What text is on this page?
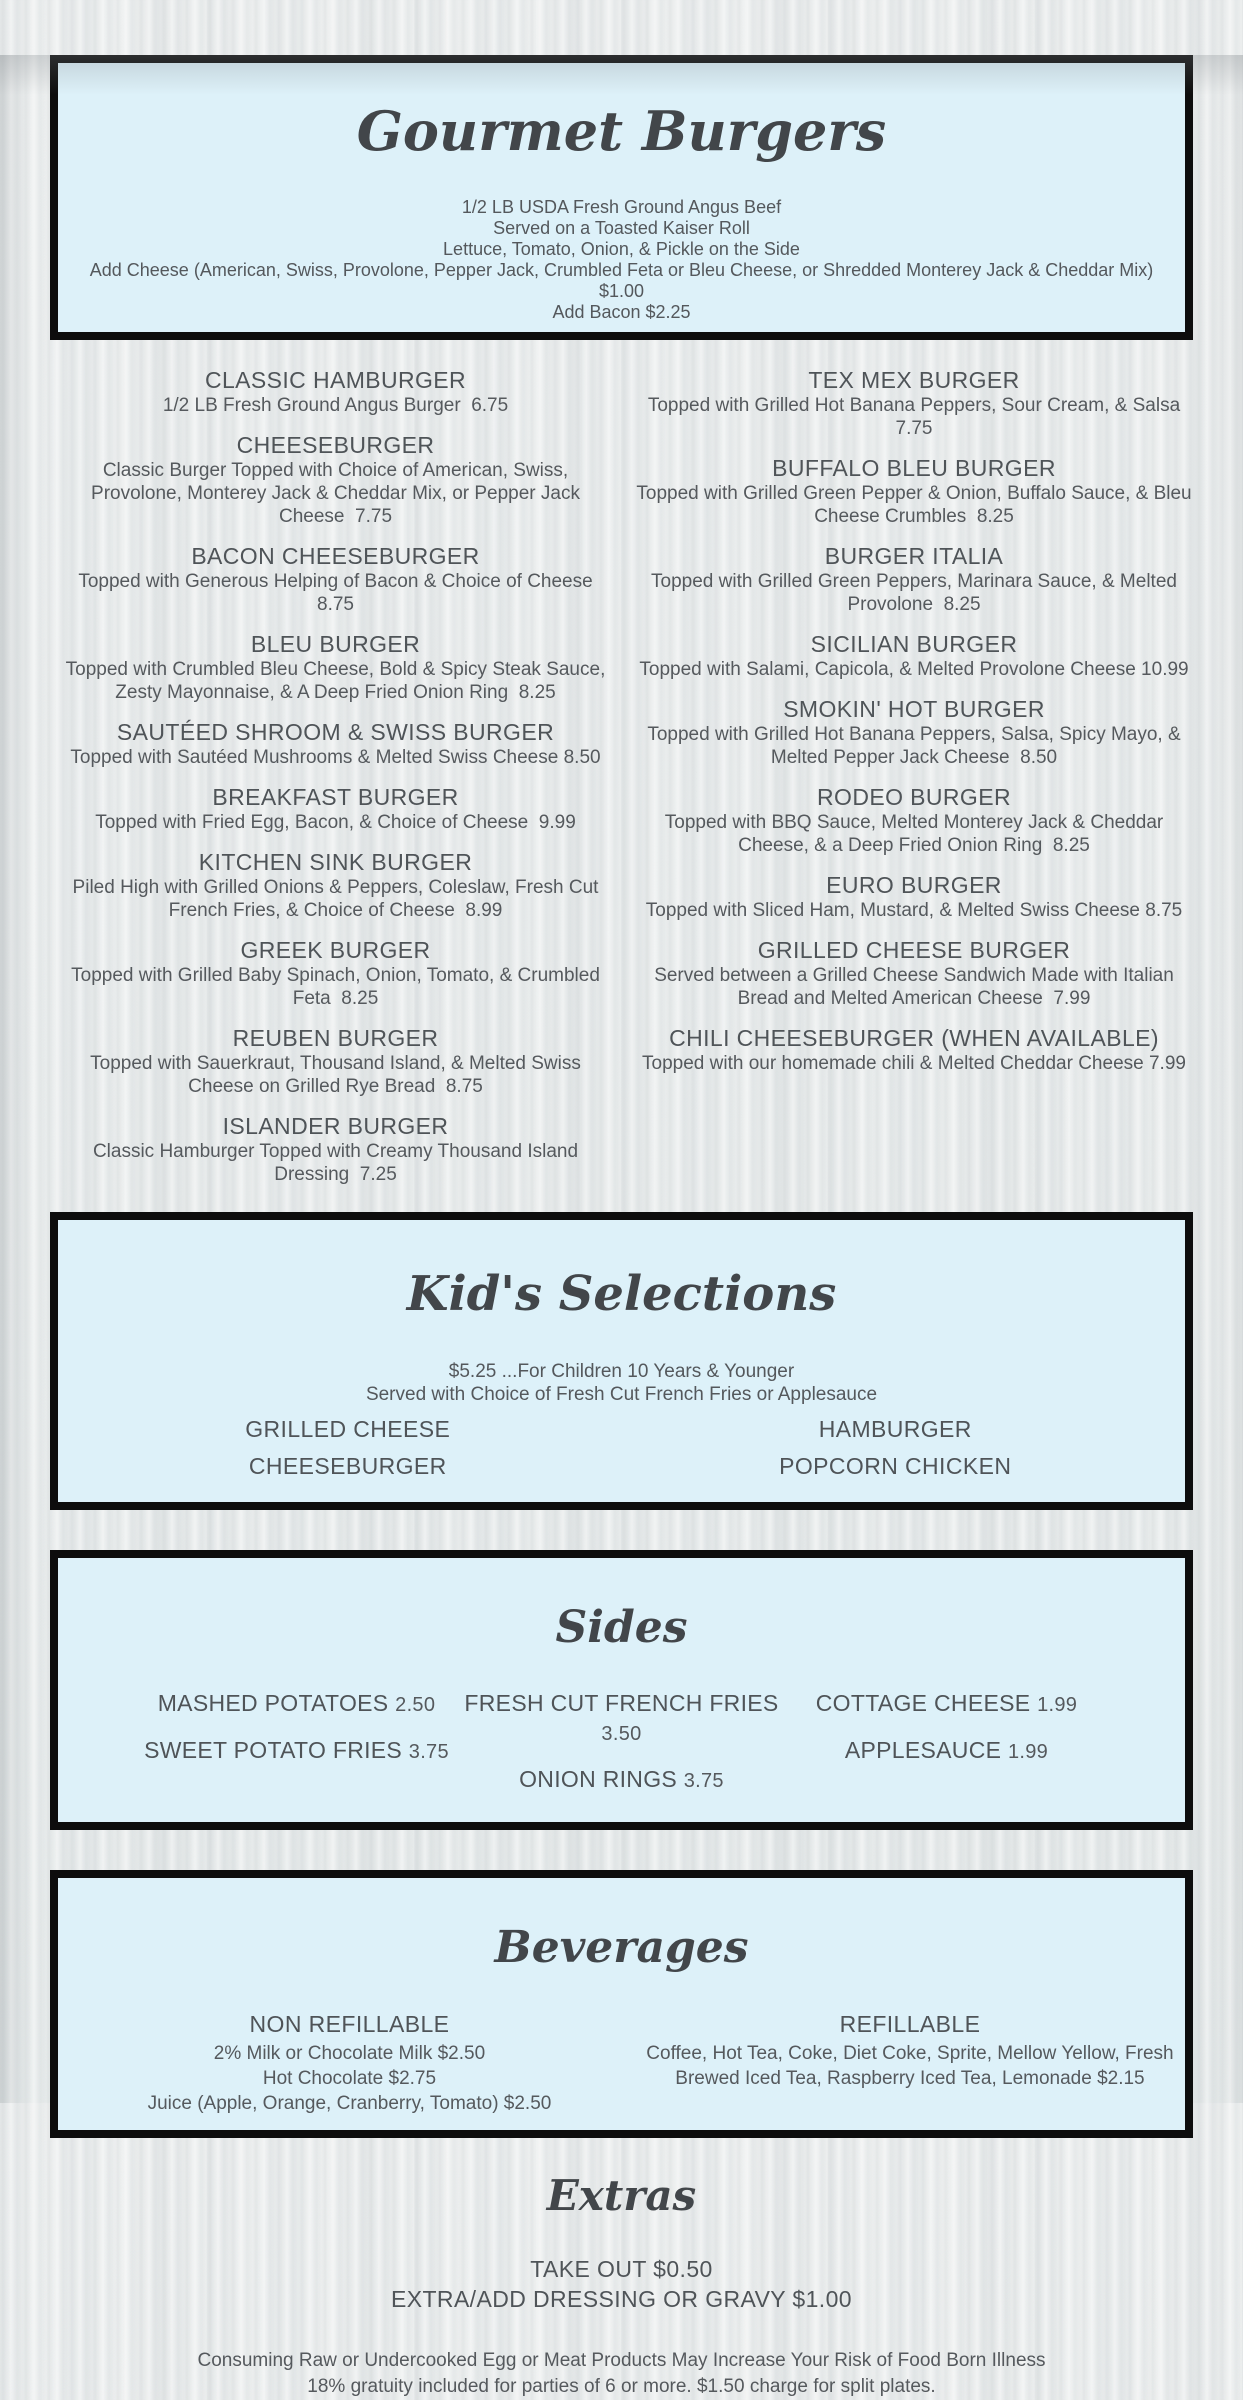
Gourmet Burgers
1/2 LB USDA Fresh Ground Angus Beef
Served on a Toasted Kaiser Roll
Lettuce, Tomato, Onion, & Pickle on the Side
Add Cheese (American, Swiss, Provolone, Pepper Jack, Crumbled Feta or Bleu Cheese, or Shredded Monterey Jack & Cheddar Mix) $1.00
Add Bacon $2.25
CLASSIC HAMBURGER
1/2 LB Fresh Ground Angus Burger  6.75
CHEESEBURGER
Classic Burger Topped with Choice of American, Swiss, Provolone, Monterey Jack & Cheddar Mix, or Pepper Jack Cheese  7.75
BACON CHEESEBURGER
Topped with Generous Helping of Bacon & Choice of Cheese 8.75
BLEU BURGER
Topped with Crumbled Bleu Cheese, Bold & Spicy Steak Sauce, Zesty Mayonnaise, & A Deep Fried Onion Ring  8.25
SAUTÉED SHROOM & SWISS BURGER
Topped with Sautéed Mushrooms & Melted Swiss Cheese 8.50
BREAKFAST BURGER
Topped with Fried Egg, Bacon, & Choice of Cheese  9.99
KITCHEN SINK BURGER
Piled High with Grilled Onions & Peppers, Coleslaw, Fresh Cut French Fries, & Choice of Cheese  8.99
GREEK BURGER
Topped with Grilled Baby Spinach, Onion, Tomato, & Crumbled Feta  8.25
REUBEN BURGER
Topped with Sauerkraut, Thousand Island, & Melted Swiss Cheese on Grilled Rye Bread  8.75
ISLANDER BURGER
Classic Hamburger Topped with Creamy Thousand Island Dressing  7.25
TEX MEX BURGER
Topped with Grilled Hot Banana Peppers, Sour Cream, & Salsa 7.75
BUFFALO BLEU BURGER
Topped with Grilled Green Pepper & Onion, Buffalo Sauce, & Bleu Cheese Crumbles  8.25
BURGER ITALIA
Topped with Grilled Green Peppers, Marinara Sauce, & Melted Provolone  8.25
SICILIAN BURGER
Topped with Salami, Capicola, & Melted Provolone Cheese 10.99
SMOKIN' HOT BURGER
Topped with Grilled Hot Banana Peppers, Salsa, Spicy Mayo, & Melted Pepper Jack Cheese  8.50
RODEO BURGER
Topped with BBQ Sauce, Melted Monterey Jack & Cheddar Cheese, & a Deep Fried Onion Ring  8.25
EURO BURGER
Topped with Sliced Ham, Mustard, & Melted Swiss Cheese 8.75
GRILLED CHEESE BURGER
Served between a Grilled Cheese Sandwich Made with Italian Bread and Melted American Cheese  7.99
CHILI CHEESEBURGER (WHEN AVAILABLE)
Topped with our homemade chili & Melted Cheddar Cheese 7.99
Kid's Selections
$5.25 ...For Children 10 Years & Younger
Served with Choice of Fresh Cut French Fries or Applesauce
GRILLED CHEESE
CHEESEBURGER
HAMBURGER
POPCORN CHICKEN
Sides
MASHED POTATOES 2.50
SWEET POTATO FRIES 3.75
FRESH CUT FRENCH FRIES 3.50
ONION RINGS 3.75
COTTAGE CHEESE 1.99
APPLESAUCE 1.99
Beverages
NON REFILLABLE
2% Milk or Chocolate Milk $2.50
Hot Chocolate $2.75
Juice (Apple, Orange, Cranberry, Tomato) $2.50
REFILLABLE
Coffee, Hot Tea, Coke, Diet Coke, Sprite, Mellow Yellow, Fresh Brewed Iced Tea, Raspberry Iced Tea, Lemonade $2.15
Extras
TAKE OUT $0.50
EXTRA/ADD DRESSING OR GRAVY $1.00
Consuming Raw or Undercooked Egg or Meat Products May Increase Your Risk of Food Born Illness
18% gratuity included for parties of 6 or more. $1.50 charge for split plates.
